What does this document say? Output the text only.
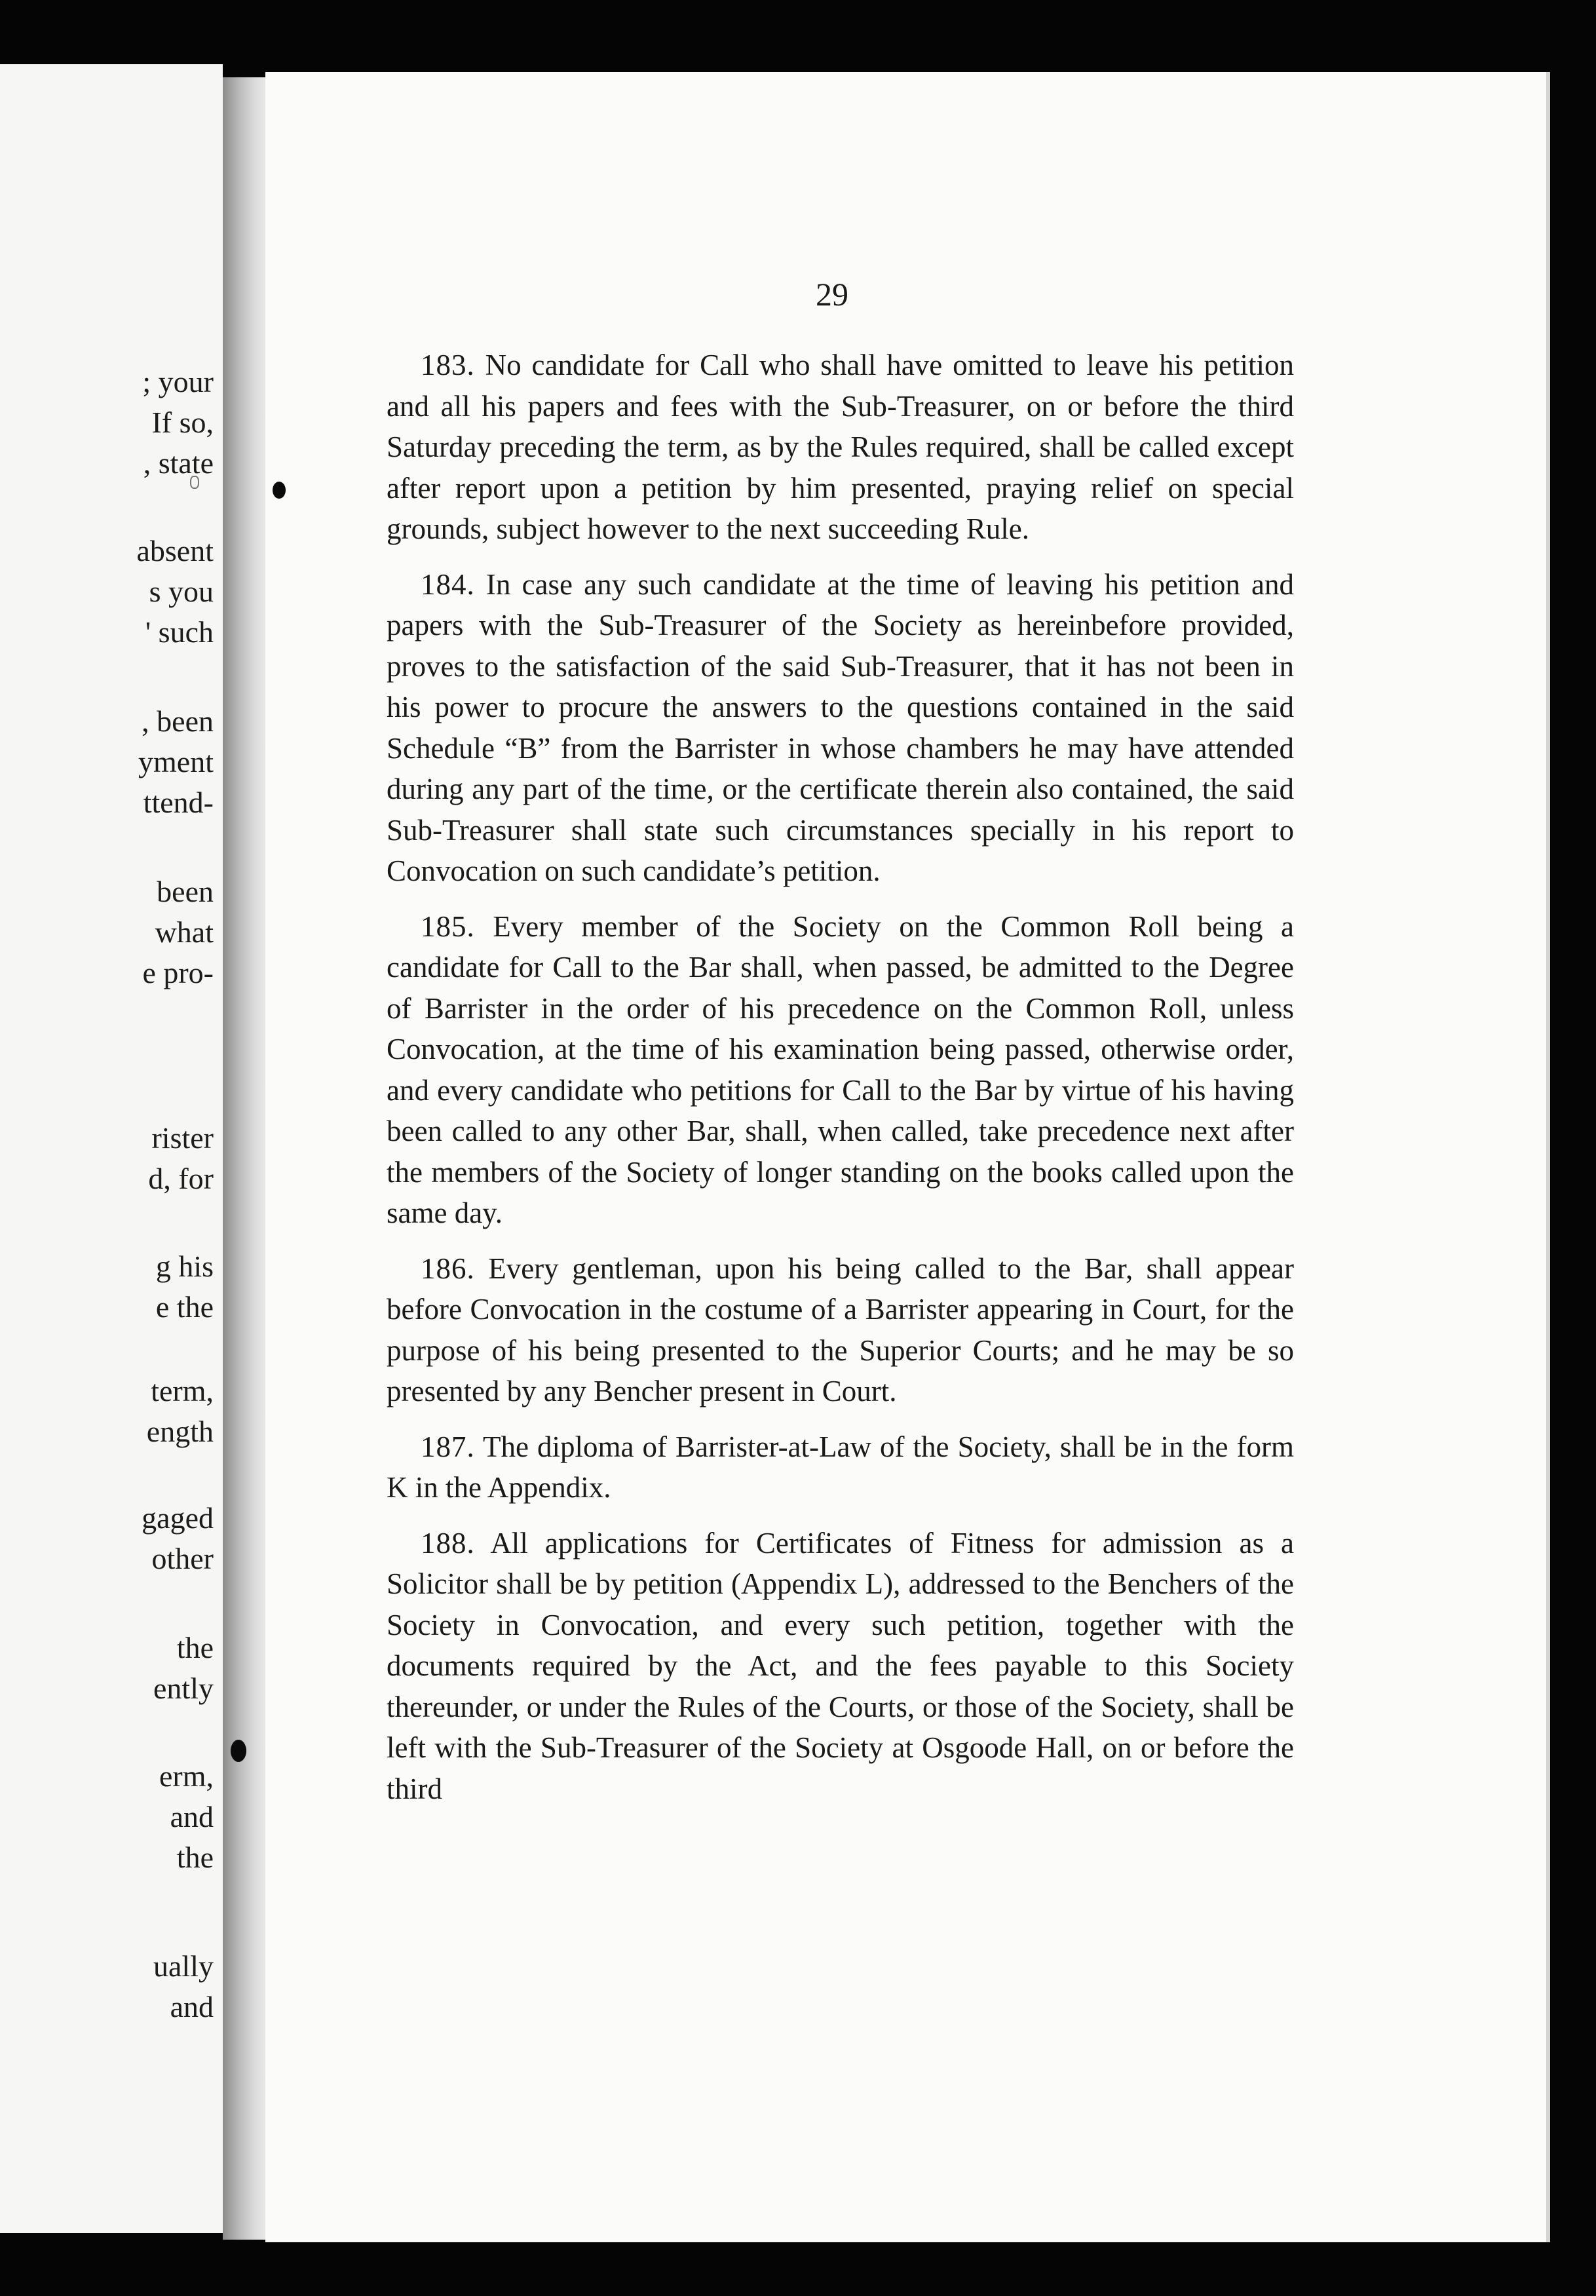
; your
If so,
, state
absent
s you
' such
, been
yment
ttend-
been
what
e pro-
rister
d, for
g his
e the
term,
ength
gaged
other
the
ently
erm,
and
the
ually
and
29

183. No candidate for Call who shall have omitted to leave his petition and all his papers and fees with the Sub-Treasurer, on or before the third Saturday preceding the term, as by the Rules required, shall be called except after report upon a petition by him presented, praying relief on special grounds, subject however to the next succeeding Rule.

184. In case any such candidate at the time of leaving his petition and papers with the Sub-Treasurer of the Society as hereinbefore provided, proves to the satisfaction of the said Sub-Treasurer, that it has not been in his power to procure the answers to the questions contained in the said Schedule “B” from the Barrister in whose chambers he may have attended during any part of the time, or the certificate therein also contained, the said Sub-Treasurer shall state such circumstances specially in his report to Convocation on such candidate’s petition.

185. Every member of the Society on the Common Roll being a candidate for Call to the Bar shall, when passed, be admitted to the Degree of Barrister in the order of his precedence on the Common Roll, unless Convocation, at the time of his examination being passed, otherwise order, and every candidate who petitions for Call to the Bar by virtue of his having been called to any other Bar, shall, when called, take precedence next after the members of the Society of longer standing on the books called upon the same day.

186. Every gentleman, upon his being called to the Bar, shall appear before Convocation in the costume of a Barrister appearing in Court, for the purpose of his being presented to the Superior Courts; and he may be so presented by any Bencher present in Court.

187. The diploma of Barrister-at-Law of the Society, shall be in the form K in the Appendix.

188. All applications for Certificates of Fitness for admission as a Solicitor shall be by petition (Appendix L), addressed to the Benchers of the Society in Convocation, and every such petition, together with the documents required by the Act, and the fees payable to this Society thereunder, or under the Rules of the Courts, or those of the Society, shall be left with the Sub-Treasurer of the Society at Osgoode Hall, on or before the third
